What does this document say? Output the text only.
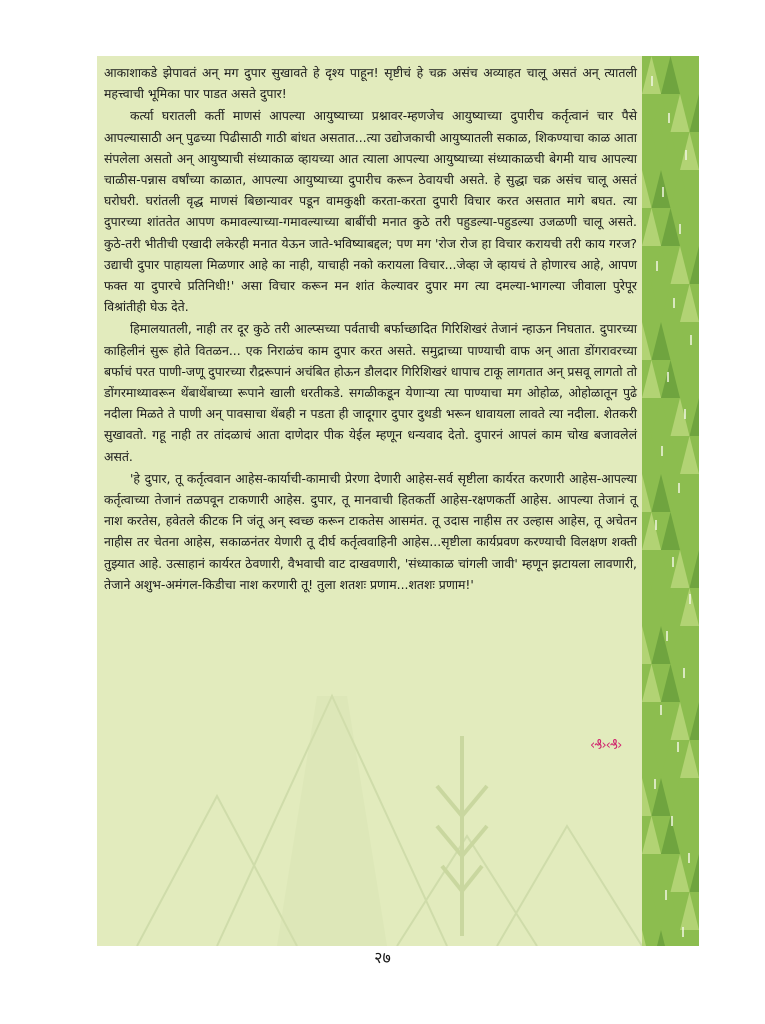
आकाशाकडे झेपावतं अन् मग दुपार सुखावते हे दृश्य पाहून! सृष्टीचं हे चक्र असंच अव्याहत चालू असतं अन् त्यातली महत्त्वाची भूमिका पार पाडत असते दुपार!

कर्त्या घरातली कर्ती माणसं आपल्या आयुष्याच्या प्रश्नावर-म्हणजेच आयुष्याच्या दुपारीच कर्तृत्वानं चार पैसे आपल्यासाठी अन् पुढच्या पिढीसाठी गाठी बांधत असतात...त्या उद्योजकाची आयुष्यातली सकाळ, शिकण्याचा काळ आता संपलेला असतो अन् आयुष्याची संध्याकाळ व्हायच्या आत त्याला आपल्या आयुष्याच्या संध्याकाळची बेगमी याच आपल्या चाळीस-पन्नास वर्षांच्या काळात, आपल्या आयुष्याच्या दुपारीच करून ठेवायची असते. हे सुद्धा चक्र असंच चालू असतं घरोघरी. घरांतली वृद्ध माणसं बिछान्यावर पडून वामकुक्षी करता-करता दुपारी विचार करत असतात मागे बघत. त्या दुपारच्या शांततेत आपण कमावल्याच्या-गमावल्याच्या बाबींची मनात कुठे तरी पहुडल्या-पहुडल्या उजळणी चालू असते. कुठे-तरी भीतीची एखादी लकेरही मनात येऊन जाते-भविष्याबद्दल; पण मग 'रोज रोज हा विचार करायची तरी काय गरज? उद्याची दुपार पाहायला मिळणार आहे का नाही, याचाही नको करायला विचार...जेव्हा जे व्हायचं ते होणारच आहे, आपण फक्त या दुपारचे प्रतिनिधी!' असा विचार करून मन शांत केल्यावर दुपार मग त्या दमल्या-भागल्या जीवाला पुरेपूर विश्रांतीही घेऊ देते.

हिमालयातली, नाही तर दूर कुठे तरी आल्प्सच्या पर्वताची बर्फाच्छादित गिरिशिखरं तेजानं न्हाऊन निघतात. दुपारच्या काहिलीनं सुरू होते वितळन... एक निराळंच काम दुपार करत असते. समुद्राच्या पाण्याची वाफ अन् आता डोंगरावरच्या बर्फाचं परत पाणी-जणू दुपारच्या रौद्ररूपानं अचंबित होऊन डौलदार गिरिशिखरं धापाच टाकू लागतात अन् प्रसवू लागतो तो डोंगरमाथ्यावरून थेंबाथेंबाच्या रूपाने खाली धरतीकडे. सगळीकडून येणाऱ्या त्या पाण्याचा मग ओहोळ, ओहोळातून पुढे नदीला मिळते ते पाणी अन् पावसाचा थेंबही न पडता ही जादूगार दुपार दुथडी भरून धावायला लावते त्या नदीला. शेतकरी सुखावतो. गहू नाही तर तांदळाचं आता दाणेदार पीक येईल म्हणून धन्यवाद देतो. दुपारनं आपलं काम चोख बजावलेलं असतं.

'हे दुपार, तू कर्तृत्ववान आहेस-कार्याची-कामाची प्रेरणा देणारी आहेस-सर्व सृष्टीला कार्यरत करणारी आहेस-आपल्या कर्तृत्वाच्या तेजानं तळपवून टाकणारी आहेस. दुपार, तू मानवाची हितकर्ती आहेस-रक्षणकर्ती आहेस. आपल्या तेजानं तू नाश करतेस, हवेतले कीटक नि जंतू अन् स्वच्छ करून टाकतेस आसमंत. तू उदास नाहीस तर उल्हास आहेस, तू अचेतन नाहीस तर चेतना आहेस, सकाळनंतर येणारी तू दीर्घ कर्तृत्ववाहिनी आहेस...सृष्टीला कार्यप्रवण करण्याची विलक्षण शक्ती तुझ्यात आहे. उत्साहानं कार्यरत ठेवणारी, वैभवाची वाट दाखवणारी, 'संध्याकाळ चांगली जावी' म्हणून झटायला लावणारी, तेजाने अशुभ-अमंगल-किडीचा नाश करणारी तू! तुला शतशः प्रणाम...शतशः प्रणाम!'

‹₰›‹₰›
२७
